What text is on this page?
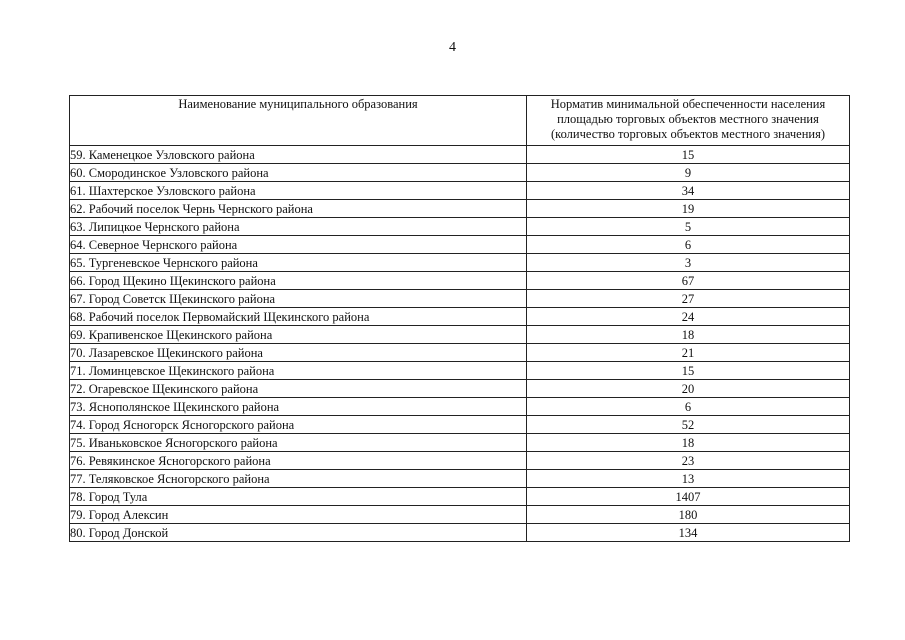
4
Наименование муниципального образования	Норматив минимальной обеспеченности населения площадью торговых объектов местного значения (количество торговых объектов местного значения)
59. Каменецкое Узловского района	15
60. Смородинское Узловского района	9
61. Шахтерское Узловского района	34
62. Рабочий поселок Чернь Чернского района	19
63. Липицкое Чернского района	5
64. Северное Чернского района	6
65. Тургеневское Чернского района	3
66. Город Щекино Щекинского района	67
67. Город Советск Щекинского района	27
68. Рабочий поселок Первомайский Щекинского района	24
69. Крапивенское Щекинского района	18
70. Лазаревское Щекинского района	21
71. Ломинцевское Щекинского района	15
72. Огаревское Щекинского района	20
73. Яснополянское Щекинского района	6
74. Город Ясногорск Ясногорского района	52
75. Иваньковское Ясногорского района	18
76. Ревякинское Ясногорского района	23
77. Теляковское Ясногорского района	13
78. Город Тула	1407
79. Город Алексин	180
80. Город Донской	134
